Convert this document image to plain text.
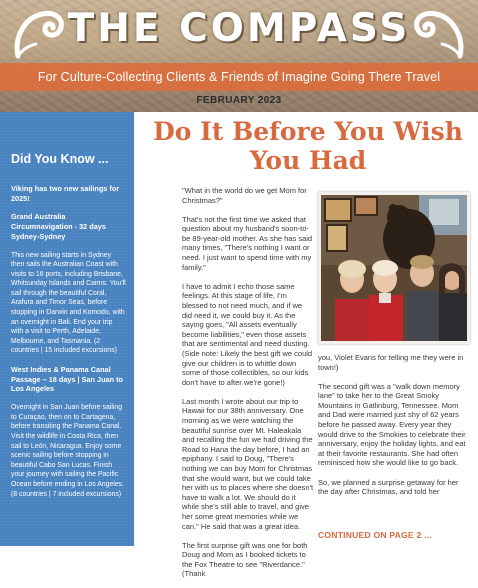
THE COMPASS
For Culture-Collecting Clients & Friends of Imagine Going There Travel
FEBRUARY 2023
Did You Know ...

Viking has two new sailings for 2025!

Grand Australia Circumnavigation - 32 days Sydney-Sydney

This new sailing starts in Sydney then sails the Australian Coast with visits to 16 ports, including Brisbane, Whitsunday Islands and Cairns. You'll sail through the beautiful Coral, Arafura and Timor Seas, before stopping in Darwin and Komodo, with an overnight in Bali. End your trip with a visit to Perth, Adelaide, Melbourne, and Tasmania. (2 countries | 15 included excursions)

West Indies & Panama Canal Passage – 18 days | San Juan to Los Angeles

Overnight in San Juan before sailing to Curaçao, then on to Cartagena, before transiting the Panama Canal. Visit the wildlife in Costa Rica, then sail to León, Nicaragua. Enjoy some scenic sailing before stopping in beautiful Cabo San Lucas. Finish your journey with sailing the Pacific Ocean before ending in Los Angeles. (8 countries | 7 included excursions)

Do It Before You Wish You Had

"What in the world do we get Mom for Christmas?"

That's not the first time we asked that question about my husband's soon-to-be 89-year-old mother. As she has said many times, "There's nothing I want or need. I just want to spend time with my family."

I have to admit I echo those same feelings. At this stage of life, I'm blessed to not need much, and if we did need it, we could buy it. As the saying goes, "All assets eventually become liabilities," even those assets that are sentimental and need dusting. (Side note: Likely the best gift we could give our children is to whittle down some of those collectibles, so our kids don't have to after we're gone!)

Last month I wrote about our trip to Hawaii for our 38th anniversary. One morning as we were watching the beautiful sunrise over Mt. Haleakala and recalling the fun we had driving the Road to Hana the day before, I had an epiphany. I said to Doug, "There's nothing we can buy Mom for Christmas that she would want, but we could take her with us to places where she doesn't have to walk a lot. We should do it while she's still able to travel, and give her some great memories while we can." He said that was a great idea.

The first surprise gift was one for both Doug and Mom as I booked tickets to the Fox Theatre to see "Riverdance." (Thank

you, Violet Evans for telling me they were in town!)

The second gift was a "walk down memory lane" to take her to the Great Smoky Mountains in Gatlinburg, Tennessee. Mom and Dad were married just shy of 62 years before he passed away. Every year they would drive to the Smokies to celebrate their anniversary, enjoy the holiday lights, and eat at their favorite restaurants. She had often reminisced how she would like to go back.

So, we planned a surprise getaway for her the day after Christmas, and told her

CONTINUED ON PAGE 2 ...
